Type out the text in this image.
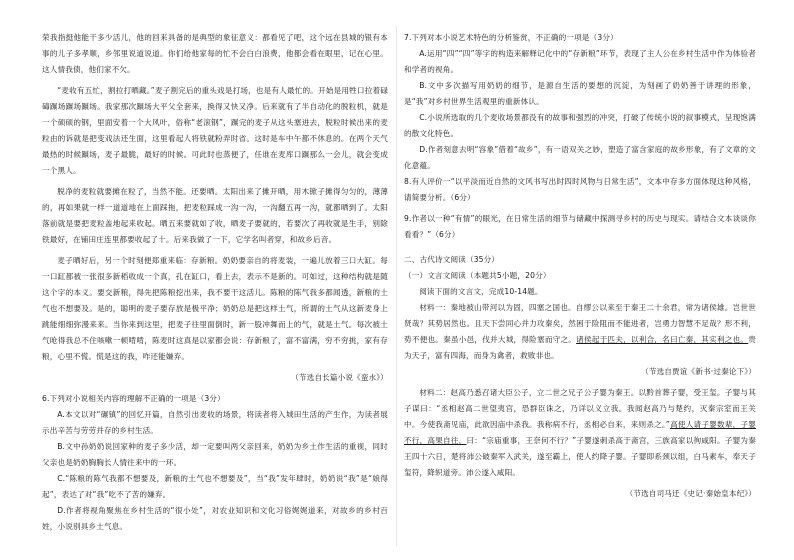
荣我指挺他能干多少活儿，他的回来具备的是典型的象征意义：都看见了吧，这个远在县城的银有本事的儿子多孝顺，乡邻里说道说道。你们给他家每的忙不会白白浪费，他都会看在眼里，记在心里。这人情我债，他们家不欠。

“麦收有五忙，割拉打晒藏。”麦子割完后的重头戏是打场，也是有人最忙的。开始是用牲口拉着碌碡蹍场蹍场蹍场。我家那次蹍场大平父全套来，换得又快又净。后来就有了半自动化的脱粒机，就是一个硕硕的钢，里面安着一个大风叶，俗称“老滚钢”，蹍完的麦子从这头塞进去，脱粒时候出来的麦粒由的诉就是把变戏法还生面，这里看起人将铁就粉弄时省。这时是车中午都不休息的。在两个天气最热的时候蹍场，麦子最脆，最好的时候。可此时也蒸便了，任谁在麦库口蹍那么一会儿，就会变成一个黑人。

脱净的麦粒就要摊在粒了，当然不能。还要晒。太阳出来了摊开晒，用木锨子摊得匀匀的，薄薄的，再如果就一样一道道地在上面踩拖，把麦粒踩成一沟一沟，一沟翻五再一沟，就都晒到了。太阳落前就是要把麦粒盖地起来收起。晒五来要就如了收，晒麦子要就的，若要次了再收就是生手，别除铁最好，在铺田庄连里都要收起了十。后来我做了一下，它学名叫者穿，和故乡后音。

麦子晒好后，另一个时刻便郑重来临：存新粮。奶奶要亲自的将麦装，一遍儿放着三口大缸。每一口缸都被一张很多新稻收成一个真，孔在缸口，看上去，表示不是新的。可如过，这种结构就是随这个字的本义。要交新粮，得先把陈粮挖出来，我不要干这活儿。陈粮的陈气我多都闻透，新粮的土气也不想要及。是的，聪明的麦子要存放是极平净；奶奶总是把这样土气，所谓的土气从这新麦身上跳能细细弥漫来来。当你来到这里，把麦子往里面倒时，新一股冲舞而上的气，就是土气。每次被土气呛得我总不住咳嗽一顿啃啃，陈麦时这真是以家都会说：存新粮了，富不富满，穷不穷挑，家有存粮，心里不慌。慌是这的我，咋还能嫌弃。

（节选自长篇小说《蛮水》）

6.下列对小说相关内容的理解不正确的一项是（3分）

A.本文以对“碾镇”的回忆开篇，自然引出麦收的场景，将读者将入城田生活的产生作，为读者展示出辛苦与劳劳并存的乡村生活。

B.文中孙奶奶说回家种的麦子多少活，却一定要叫两父亲回来，奶奶为乡土作生活的重视，同时父亲也是奶奶胸胸长人情往来中的一环。

C.“陈粮的陈气我都不想要及，新粮的土气也不想要及”，当“我”发年肆时，奶奶说“我”是“娘得起”，表达了对“我”吃不了苦的嫌弃。

D.作者将视角聚焦在乡村生活的“很小处”，对农业知识和文化习俗娓娓道来，对故乡的乡村百姓，小说别具乡土气息。

7.下列对本小说艺术特色的分析鉴赏，不正确的一项是（3分）

A.运用“四”“四”等字的构造来解释记化中的“存新粮”环节，表现了主人公在乡村生活中作为体验者和学者的视角。

B.文中多次描写用奶奶的细节，是源自生活的要想的沉淀，为刻画了奶奶善于讲理的形象，是“我”对乡村世界生活观里的重新体认。

C.小说所选取的几个麦收场景都没有的故事和强烈的冲突，打破了传统小说的叙事模式，呈现饱满的散文化特色。

D.作者刻意去明“容象”借着“故乡”，有一语双关之妙，塑造了富含家庭的故乡形象，有了文章的文化意蕴。

8.有人评价一“以平淡而近自然的文风书写出时四时风物与日常生活”，文本中存多方面体现这种风格，请简要分析。（6分）

9.作者以一种“有情”的眼光，在日常生活的细节与储藏中探测寻乡村的历史与现实。请结合文本谈谈你看看？”（6分）

二、古代诗文阅读（35分）

（一）文言文阅读（本题共5小题，20分）

阅读下面的文言文，完成10-14题。

材料一：秦地被山带河以为固，四塞之国也。自缪公以来至于秦王二十余君，常为诸侯雄。岂世世贤哉？其势居然也。且天下尝同心并力攻秦矣，然困于险阻而不能进者，岂勇力智慧不足哉？形不利，势不便也。秦虽小邑，伐并大城，得险塞而守之。诸侯起于匹夫，以利合，名曰亡秦，其实利之也。贵为天子，富有四海，而身为禽者，救败非也。

（节选自贾谊《新书·过秦论下》）

材料二：赵高乃悉召诸大臣公子，立二世之兄子公子婴为秦王。以黔首葬子婴，受王玺。子婴与其子谋曰：“丞相赵高二世望夷宫，恐群臣诛之，乃详以义立我。我闻赵高乃与楚约，灭秦宗室而王关中。今使我斋见庙，此欲因庙中杀我。我称病不行，丞相必自来，来则杀之。”高使人请子婴数辈，子婴不行，高果自往，曰：“宗庙重事，王奈何不行？”子婴遂刺杀高于斋宫，三族高家以徇咸阳。子婴为秦王四十六日，楚将沛公破秦军入武关，遂至霸上，使人约降子婴。子婴即系颈以组，白马素车，奉天子玺符，降轵道旁。沛公遂入咸阳。

（节选自司马迁《史记·秦始皇本纪》）
